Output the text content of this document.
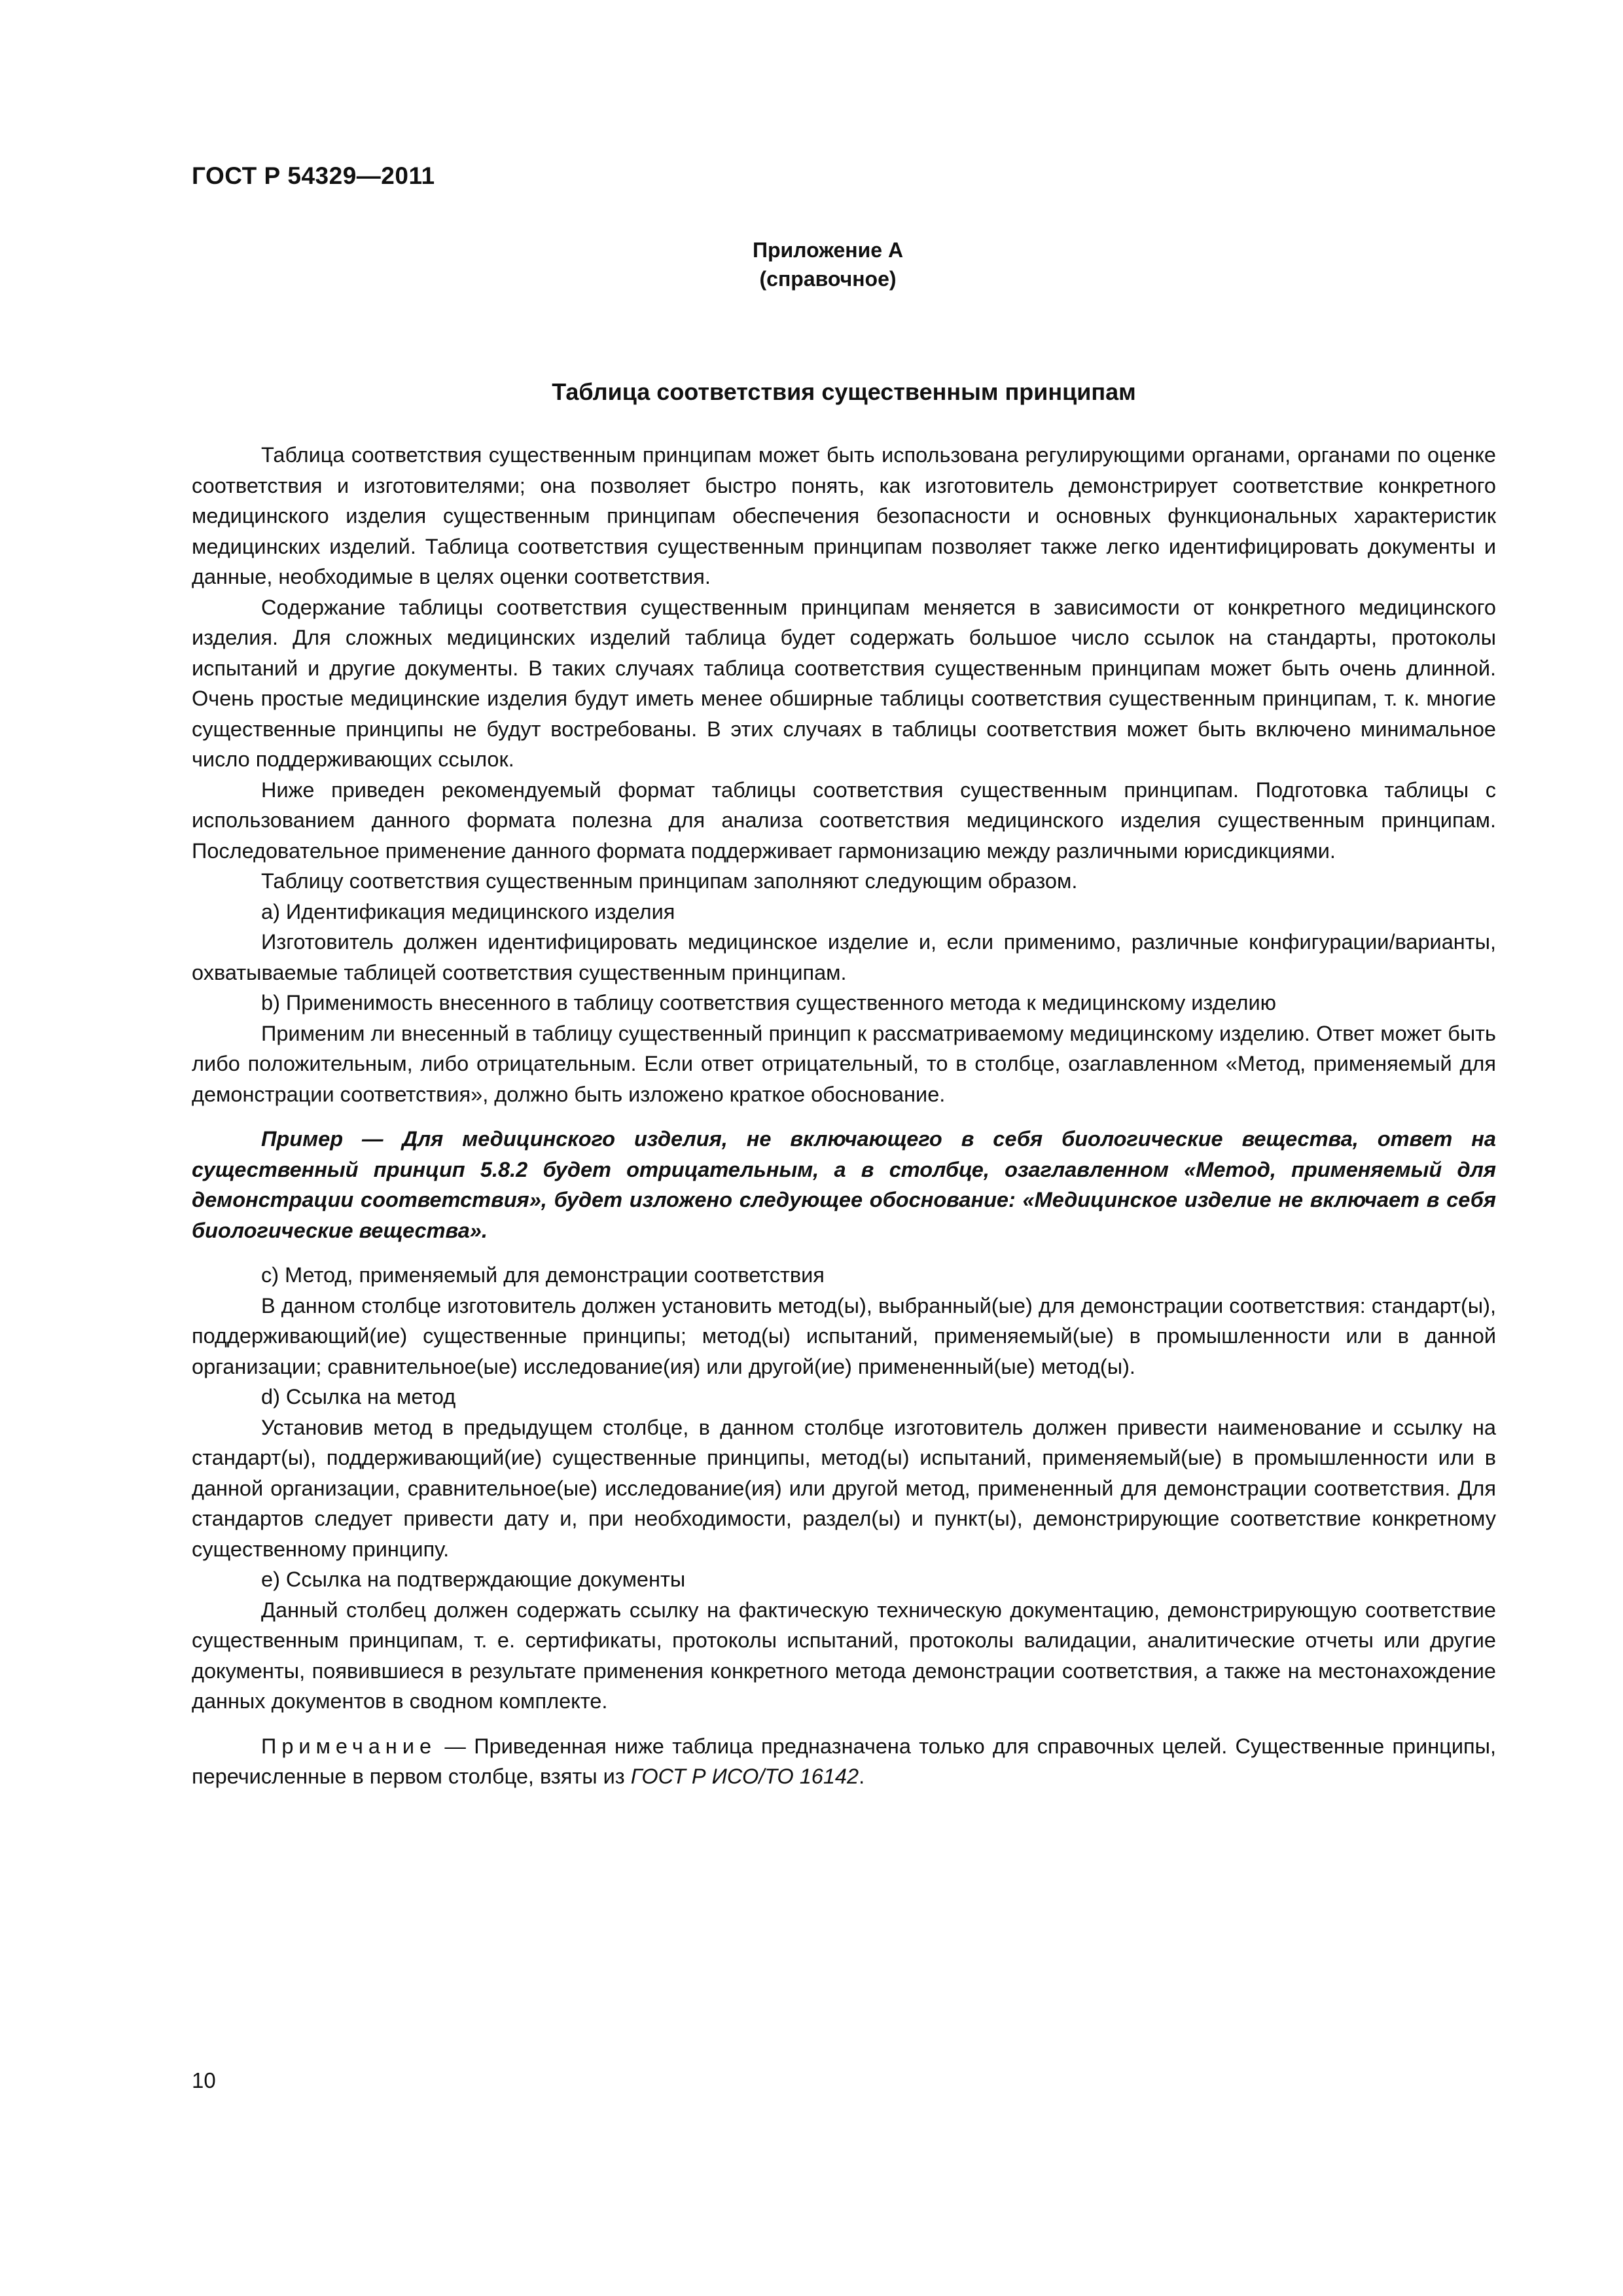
ГОСТ Р 54329—2011
Приложение А
(справочное)
Таблица соответствия существенным принципам

Таблица соответствия существенным принципам может быть использована регулирующими органами, органами по оценке соответствия и изготовителями; она позволяет быстро понять, как изготовитель демонстрирует соответствие конкретного медицинского изделия существенным принципам обеспечения безопасности и основных функциональных характеристик медицинских изделий. Таблица соответствия существенным принципам позволяет также легко идентифицировать документы и данные, необходимые в целях оценки соответствия.

Содержание таблицы соответствия существенным принципам меняется в зависимости от конкретного медицинского изделия. Для сложных медицинских изделий таблица будет содержать большое число ссылок на стандарты, протоколы испытаний и другие документы. В таких случаях таблица соответствия существенным принципам может быть очень длинной. Очень простые медицинские изделия будут иметь менее обширные таблицы соответствия существенным принципам, т. к. многие существенные принципы не будут востребованы. В этих случаях в таблицы соответствия может быть включено минимальное число поддерживающих ссылок.

Ниже приведен рекомендуемый формат таблицы соответствия существенным принципам. Подготовка таблицы с использованием данного формата полезна для анализа соответствия медицинского изделия существенным принципам. Последовательное применение данного формата поддерживает гармонизацию между различными юрисдикциями.

Таблицу соответствия существенным принципам заполняют следующим образом.

a) Идентификация медицинского изделия

Изготовитель должен идентифицировать медицинское изделие и, если применимо, различные конфигурации/варианты, охватываемые таблицей соответствия существенным принципам.

b) Применимость внесенного в таблицу соответствия существенного метода к медицинскому изделию

Применим ли внесенный в таблицу существенный принцип к рассматриваемому медицинскому изделию. Ответ может быть либо положительным, либо отрицательным. Если ответ отрицательный, то в столбце, озаглавленном «Метод, применяемый для демонстрации соответствия», должно быть изложено краткое обоснование.

Пример — Для медицинского изделия, не включающего в себя биологические вещества, ответ на существенный принцип 5.8.2 будет отрицательным, а в столбце, озаглавленном «Метод, применяемый для демонстрации соответствия», будет изложено следующее обоснование: «Медицинское изделие не включает в себя биологические вещества».

c) Метод, применяемый для демонстрации соответствия

В данном столбце изготовитель должен установить метод(ы), выбранный(ые) для демонстрации соответствия: стандарт(ы), поддерживающий(ие) существенные принципы; метод(ы) испытаний, применяемый(ые) в промышленности или в данной организации; сравнительное(ые) исследование(ия) или другой(ие) примененный(ые) метод(ы).

d) Ссылка на метод

Установив метод в предыдущем столбце, в данном столбце изготовитель должен привести наименование и ссылку на стандарт(ы), поддерживающий(ие) существенные принципы, метод(ы) испытаний, применяемый(ые) в промышленности или в данной организации, сравнительное(ые) исследование(ия) или другой метод, примененный для демонстрации соответствия. Для стандартов следует привести дату и, при необходимости, раздел(ы) и пункт(ы), демонстрирующие соответствие конкретному существенному принципу.

e) Ссылка на подтверждающие документы

Данный столбец должен содержать ссылку на фактическую техническую документацию, демонстрирующую соответствие существенным принципам, т. е. сертификаты, протоколы испытаний, протоколы валидации, аналитические отчеты или другие документы, появившиеся в результате применения конкретного метода демонстрации соответствия, а также на местонахождение данных документов в сводном комплекте.

Примечание — Приведенная ниже таблица предназначена только для справочных целей. Существенные принципы, перечисленные в первом столбце, взяты из ГОСТ Р ИСО/ТО 16142.

10
